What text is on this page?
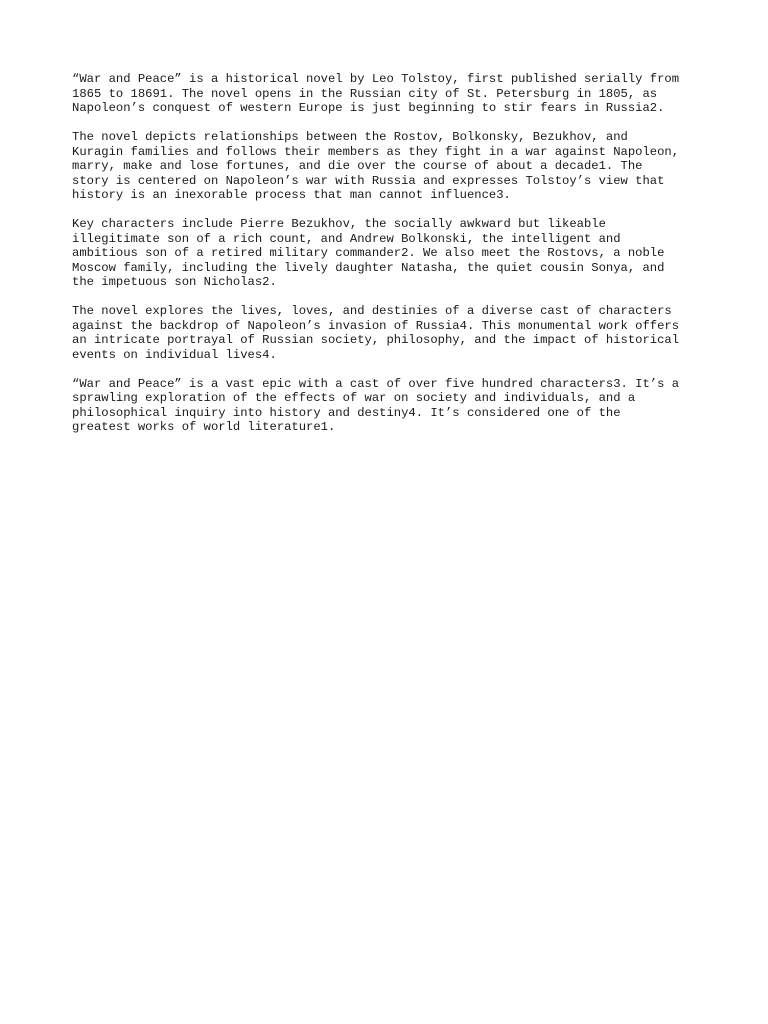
“War and Peace” is a historical novel by Leo Tolstoy, first published serially from
1865 to 18691. The novel opens in the Russian city of St. Petersburg in 1805, as
Napoleon’s conquest of western Europe is just beginning to stir fears in Russia2.

The novel depicts relationships between the Rostov, Bolkonsky, Bezukhov, and
Kuragin families and follows their members as they fight in a war against Napoleon,
marry, make and lose fortunes, and die over the course of about a decade1. The
story is centered on Napoleon’s war with Russia and expresses Tolstoy’s view that
history is an inexorable process that man cannot influence3.

Key characters include Pierre Bezukhov, the socially awkward but likeable
illegitimate son of a rich count, and Andrew Bolkonski, the intelligent and
ambitious son of a retired military commander2. We also meet the Rostovs, a noble
Moscow family, including the lively daughter Natasha, the quiet cousin Sonya, and
the impetuous son Nicholas2.

The novel explores the lives, loves, and destinies of a diverse cast of characters
against the backdrop of Napoleon’s invasion of Russia4. This monumental work offers
an intricate portrayal of Russian society, philosophy, and the impact of historical
events on individual lives4.

“War and Peace” is a vast epic with a cast of over five hundred characters3. It’s a
sprawling exploration of the effects of war on society and individuals, and a
philosophical inquiry into history and destiny4. It’s considered one of the
greatest works of world literature1.
